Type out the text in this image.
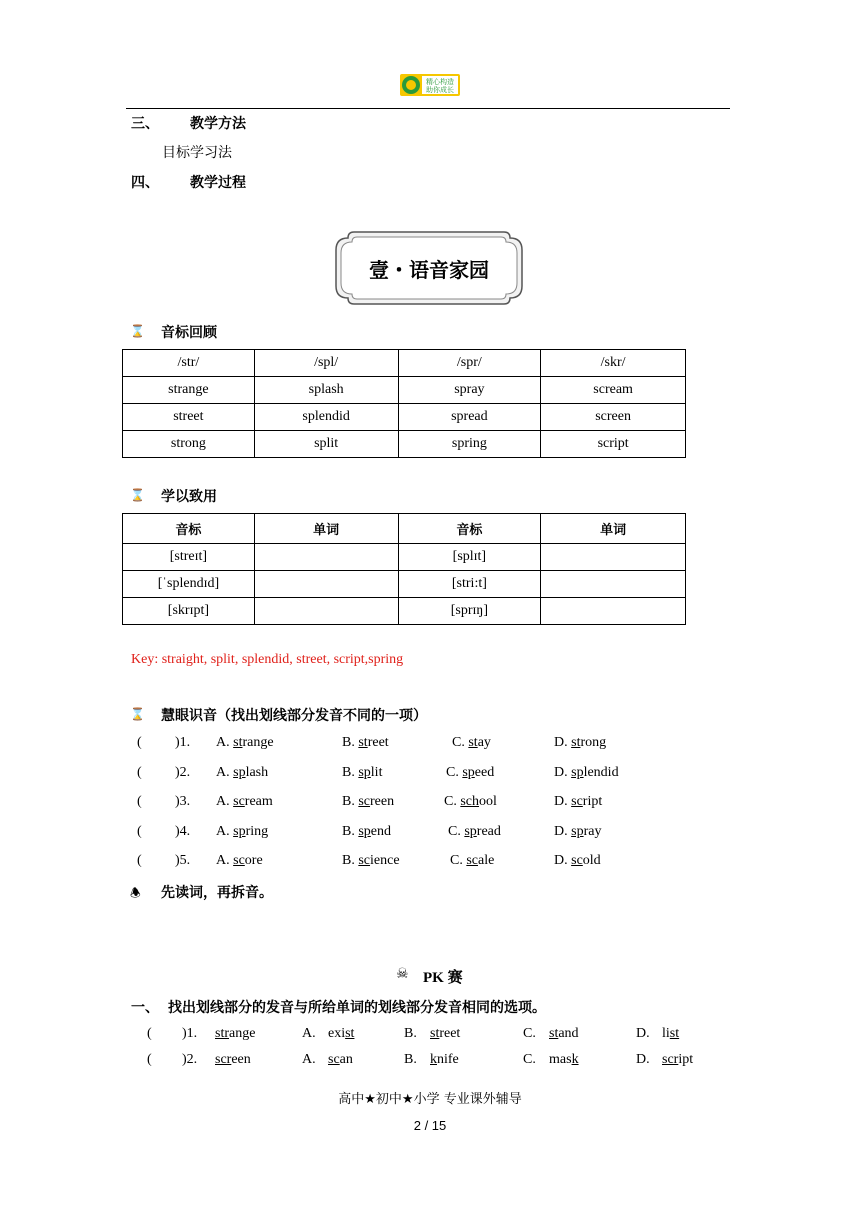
精心构造
助你成长
三、 教学方法
目标学习法
四、 教学过程
壹・语音家园
⌛ 音标回顾
/str/	/spl/	/spr/	/skr/
strange	splash	spray	scream
street	splendid	spread	screen
strong	split	spring	script
⌛ 学以致用
音标	单词	音标	单词
[streɪt]		[splɪt]	
[ˈsplendɪd]		[stri:t]	
[skrɪpt]		[sprɪŋ]	
Key: straight, split, splendid, street, script,spring
⌛ 慧眼识音（找出划线部分发音不同的一项）
( )1. A. strange	B. street	C. stay	D. strong
( )2. A. splash	B. split	C. speed	D. splendid
( )3. A. scream	B. screen	C. school	D. script
( )4. A. spring	B. spend	C. spread	D. spray
( )5. A. score	B. science	C. scale	D. scold
🕭 先读词，再拆音。
☠ PK 赛
一、 找出划线部分的发音与所给单词的划线部分发音相同的选项。
( )1. strange	A. exist	B. street	C. stand	D. list
( )2. screen	A. scan	B. knife	C. mask	D. script
高中★初中★小学 专业课外辅导
2 / 15
